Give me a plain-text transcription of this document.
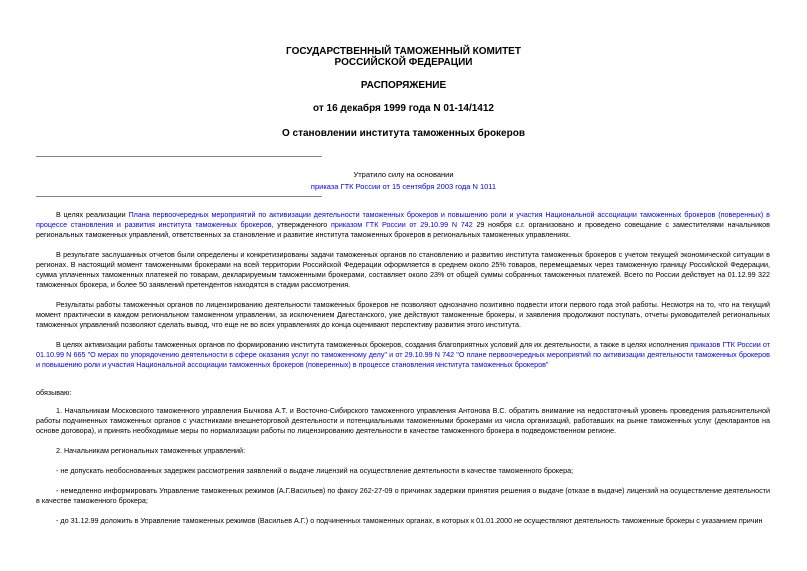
ГОСУДАРСТВЕННЫЙ ТАМОЖЕННЫЙ КОМИТЕТ
РОССИЙСКОЙ ФЕДЕРАЦИИ
РАСПОРЯЖЕНИЕ
от 16 декабря 1999 года N 01-14/1412
О становлении института таможенных брокеров
Утратило силу на основании
приказа ГТК России от 15 сентября 2003 года N 1011

В целях реализации Плана первоочередных мероприятий по активизации деятельности таможенных брокеров и повышению роли и участия Национальной ассоциации таможенных брокеров (поверенных) в процессе становления и развития института таможенных брокеров, утвержденного приказом ГТК России от 29.10.99 N 742 29 ноября с.г. организовано и проведено совещание с заместителями начальников региональных таможенных управлений, ответственных за становление и развитие института таможенных брокеров в региональных таможенных управлениях.

В результате заслушанных отчетов были определены и конкретизированы задачи таможенных органов по становлению и развитию института таможенных брокеров с учетом текущей экономической ситуации в регионах. В настоящий момент таможенными брокерами на всей территории Российской Федерации оформляется в среднем около 25% товаров, перемещаемых через таможенную границу Российской Федерации, сумма уплаченных таможенных платежей по товарам, декларируемым таможенными брокерами, составляет около 23% от общей суммы собранных таможенных платежей. Всего по России действует на 01.12.99 322 таможенных брокера, и более 50 заявлений претендентов находятся в стадии рассмотрения.

Результаты работы таможенных органов по лицензированию деятельности таможенных брокеров не позволяют однозначно позитивно подвести итоги первого года этой работы. Несмотря на то, что на текущий момент практически в каждом региональном таможенном управлении, за исключением Дагестанского, уже действуют таможенные брокеры, и заявления продолжают поступать, отчеты руководителей региональных таможенных управлений позволяют сделать вывод, что еще не во всех управлениях до конца оценивают перспективу развития этого института.

В целях активизации работы таможенных органов по формированию института таможенных брокеров, создания благоприятных условий для их деятельности, а также в целях исполнения приказов ГТК России от 01.10.99 N 665 "О мерах по упорядочению деятельности в сфере оказания услуг по таможенному делу" и от 29.10.99 N 742 "О плане первоочередных мероприятий по активизации деятельности таможенных брокеров и повышению роли и участия Национальной ассоциации таможенных брокеров (поверенных) в процессе становления института таможенных брокеров"

обязываю:

1. Начальникам Московского таможенного управления Бычкова А.Т. и Восточно-Сибирского таможенного управления Антонова В.С. обратить внимание на недостаточный уровень проведения разъяснительной работы подчиненных таможенных органов с участниками внешнеторговой деятельности и потенциальными таможенными брокерами из числа организаций, работавших на рынке таможенных услуг (декларантов на основе договора), и принять необходимые меры по нормализации работы по лицензированию деятельности в качестве таможенного брокера в подведомственном регионе.

2. Начальникам региональных таможенных управлений:

- не допускать необоснованных задержек рассмотрения заявлений о выдаче лицензий на осуществление деятельности в качестве таможенного брокера;

- немедленно информировать Управление таможенных режимов (А.Г.Васильев) по факсу 262-27-09 о причинах задержки принятия решения о выдаче (отказе в выдаче) лицензий на осуществление деятельности в качестве таможенного брокера;

- до 31.12.99 доложить в Управление таможенных режимов (Васильев А.Г.) о подчиненных таможенных органах, в которых к 01.01.2000 не осуществляют деятельность таможенные брокеры с указанием причин
